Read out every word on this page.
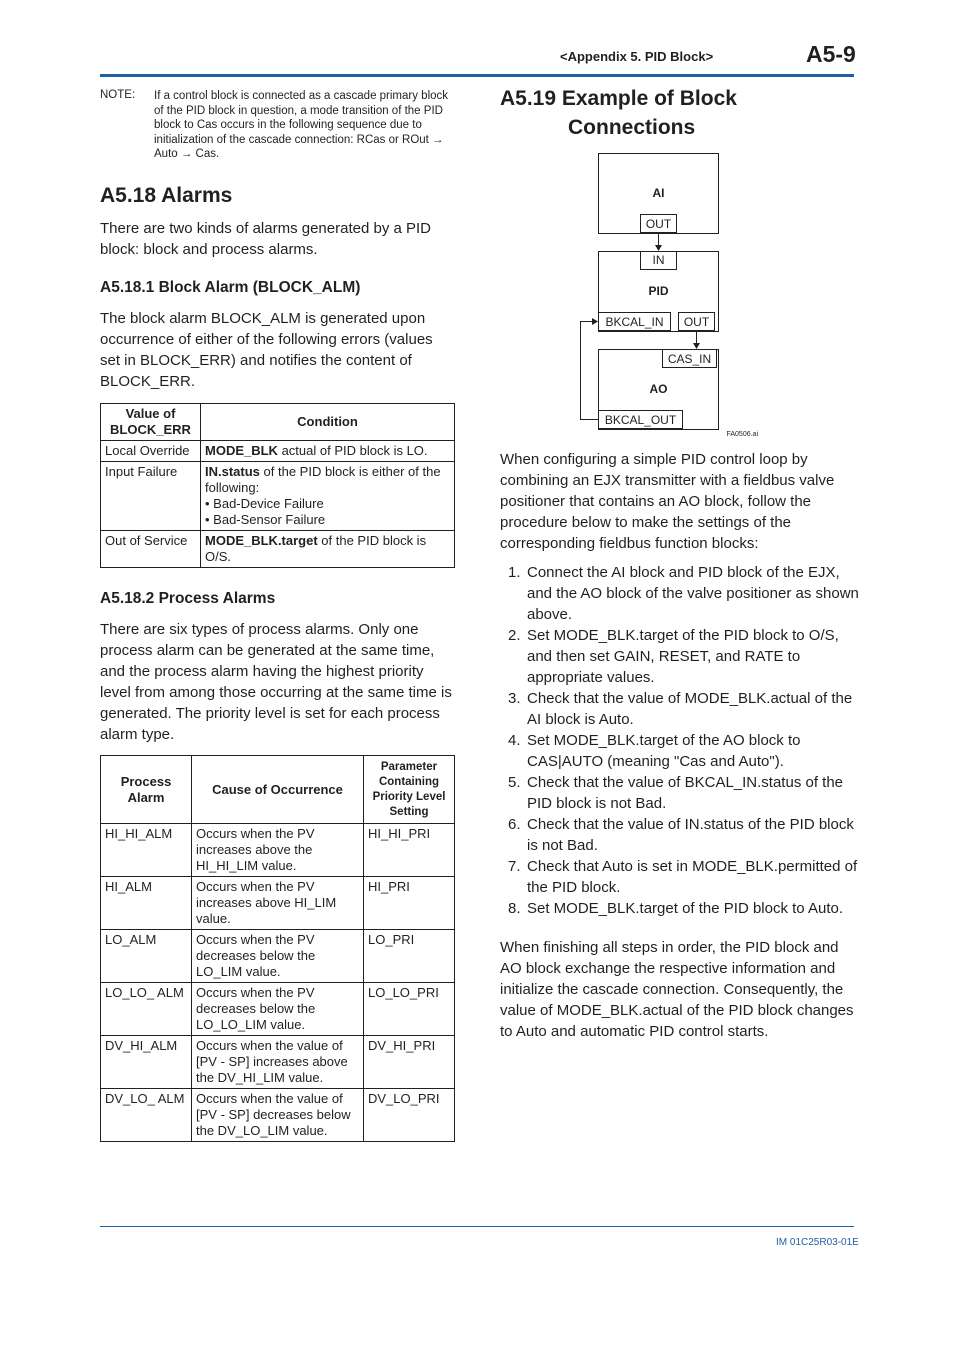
<Appendix 5. PID Block>	A5-9
NOTE: If a control block is connected as a cascade primary block of the PID block in question, a mode transition of the PID block to Cas occurs in the following sequence due to initialization of the cascade connection: RCas or ROut → Auto → Cas.
A5.18 Alarms
There are two kinds of alarms generated by a PID block: block and process alarms.
A5.18.1 Block Alarm (BLOCK_ALM)
The block alarm BLOCK_ALM is generated upon occurrence of either of the following errors (values set in BLOCK_ERR) and notifies the content of BLOCK_ERR.
Value of BLOCK_ERR	Condition
Local Override	MODE_BLK actual of PID block is LO.
Input Failure	IN.status of the PID block is either of the following:
• Bad-Device Failure
• Bad-Sensor Failure
Out of Service	MODE_BLK.target of the PID block is O/S.
A5.18.2 Process Alarms
There are six types of process alarms. Only one process alarm can be generated at the same time, and the process alarm having the highest priority level from among those occurring at the same time is generated. The priority level is set for each process alarm type.
Process Alarm	Cause of Occurrence	Parameter Containing Priority Level Setting
HI_HI_ALM	Occurs when the PV increases above the HI_HI_LIM value.	HI_HI_PRI
HI_ALM	Occurs when the PV increases above HI_LIM value.	HI_PRI
LO_ALM	Occurs when the PV decreases below the LO_LIM value.	LO_PRI
LO_LO_ ALM	Occurs when the PV decreases below the LO_LO_LIM value.	LO_LO_PRI
DV_HI_ALM	Occurs when the value of [PV - SP] increases above the DV_HI_LIM value.	DV_HI_PRI
DV_LO_ ALM	Occurs when the value of [PV - SP] decreases below the DV_LO_LIM value.	DV_LO_PRI
A5.19 Example of Block
Connections
AI
OUT
IN
PID
BKCAL_IN OUT
CAS_IN
AO
BKCAL_OUT
FA0506.ai
When configuring a simple PID control loop by combining an EJX transmitter with a fieldbus valve positioner that contains an AO block, follow the procedure below to make the settings of the corresponding fieldbus function blocks:
1. Connect the AI block and PID block of the EJX, and the AO block of the valve positioner as shown above.
2. Set MODE_BLK.target of the PID block to O/S, and then set GAIN, RESET, and RATE to appropriate values.
3. Check that the value of MODE_BLK.actual of the AI block is Auto.
4. Set MODE_BLK.target of the AO block to CAS|AUTO (meaning "Cas and Auto").
5. Check that the value of BKCAL_IN.status of the PID block is not Bad.
6. Check that the value of IN.status of the PID block is not Bad.
7. Check that Auto is set in MODE_BLK.permitted of the PID block.
8. Set MODE_BLK.target of the PID block to Auto.
When finishing all steps in order, the PID block and AO block exchange the respective information and initialize the cascade connection. Consequently, the value of MODE_BLK.actual of the PID block changes to Auto and automatic PID control starts.
IM 01C25R03-01E
